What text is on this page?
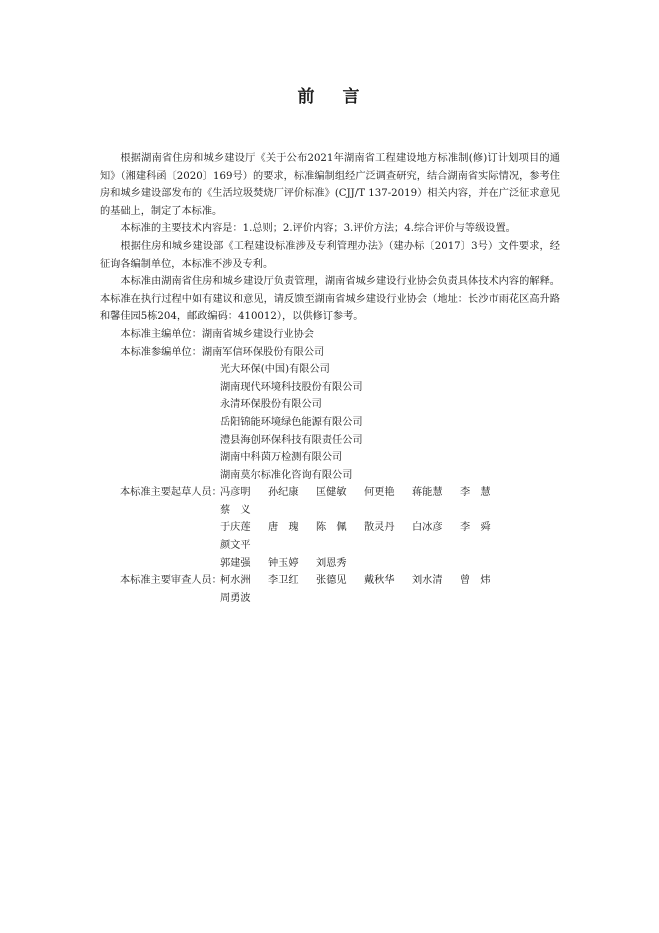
前 言

根据湖南省住房和城乡建设厅《关于公布2021年湖南省工程建设地方标准制(修)订计划项目的通知》（湘建科函〔2020〕169号）的要求，标准编制组经广泛调查研究，结合湖南省实际情况，参考住房和城乡建设部发布的《生活垃圾焚烧厂评价标准》(CJJ/T 137-2019）相关内容，并在广泛征求意见的基础上，制定了本标准。

本标准的主要技术内容是：1.总则；2.评价内容；3.评价方法；4.综合评价与等级设置。

根据住房和城乡建设部《工程建设标准涉及专利管理办法》（建办标〔2017〕3号）文件要求，经征询各编制单位，本标准不涉及专利。

本标准由湖南省住房和城乡建设厅负责管理，湖南省城乡建设行业协会负责具体技术内容的解释。本标准在执行过程中如有建议和意见，请反馈至湖南省城乡建设行业协会（地址：长沙市雨花区高升路和馨佳园5栋204，邮政编码：410012），以供修订参考。

本标准主编单位： 湖南省城乡建设行业协会
本标准参编单位： 湖南军信环保股份有限公司
光大环保(中国)有限公司
湖南现代环境科技股份有限公司
永清环保股份有限公司
岳阳锦能环境绿色能源有限公司
澧县海创环保科技有限责任公司
湖南中科茵万检测有限公司
湖南莫尔标准化咨询有限公司
本标准主要起草人员：
冯彦明	孙纪康	匡健敏	何更艳	蒋能慧	李　慧
蔡　义
于庆莲	唐　瑰	陈　佩	散灵丹	白冰彦	李　舜
颜文平
郭建强	钟玉婷	刘恩秀
本标准主要审查人员：
柯水洲	李卫红	张德见	戴秋华	刘水清	曾　炜
周勇波
